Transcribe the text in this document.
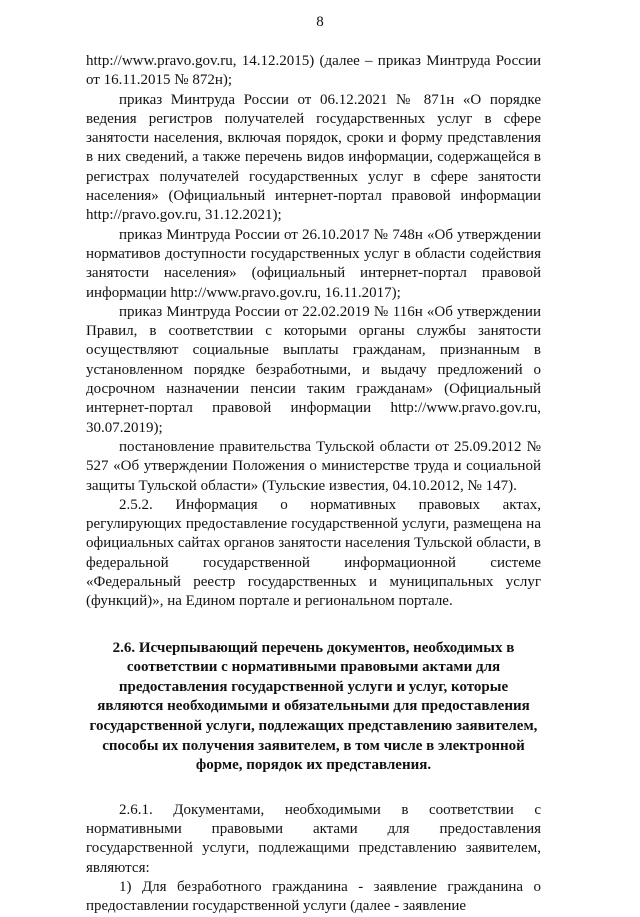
8

http://www.pravo.gov.ru, 14.12.2015) (далее – приказ Минтруда России от 16.11.2015 № 872н);

приказ Минтруда России от 06.12.2021 № 871н «О порядке ведения регистров получателей государственных услуг в сфере занятости населения, включая порядок, сроки и форму представления в них сведений, а также перечень видов информации, содержащейся в регистрах получателей государственных услуг в сфере занятости населения» (Официальный интернет-портал правовой информации http://pravo.gov.ru, 31.12.2021);

приказ Минтруда России от 26.10.2017 № 748н «Об утверждении нормативов доступности государственных услуг в области содействия занятости населения» (официальный интернет-портал правовой информации http://www.pravo.gov.ru, 16.11.2017);

приказ Минтруда России от 22.02.2019 № 116н «Об утверждении Правил, в соответствии с которыми органы службы занятости осуществляют социальные выплаты гражданам, признанным в установленном порядке безработными, и выдачу предложений о досрочном назначении пенсии таким гражданам» (Официальный интернет-портал правовой информации http://www.pravo.gov.ru, 30.07.2019);

постановление правительства Тульской области от 25.09.2012 № 527 «Об утверждении Положения о министерстве труда и социальной защиты Тульской области» (Тульские известия, 04.10.2012, № 147).

2.5.2. Информация о нормативных правовых актах, регулирующих предоставление государственной услуги, размещена на официальных сайтах органов занятости населения Тульской области, в федеральной государственной информационной системе «Федеральный реестр государственных и муниципальных услуг (функций)», на Едином портале и региональном портале.

2.6. Исчерпывающий перечень документов, необходимых в соответствии с нормативными правовыми актами для предоставления государственной услуги и услуг, которые являются необходимыми и обязательными для предоставления государственной услуги, подлежащих представлению заявителем, способы их получения заявителем, в том числе в электронной форме, порядок их представления.

2.6.1. Документами, необходимыми в соответствии с нормативными правовыми актами для предоставления государственной услуги, подлежащими представлению заявителем, являются:

1) Для безработного гражданина - заявление гражданина о предоставлении государственной услуги (далее - заявление
